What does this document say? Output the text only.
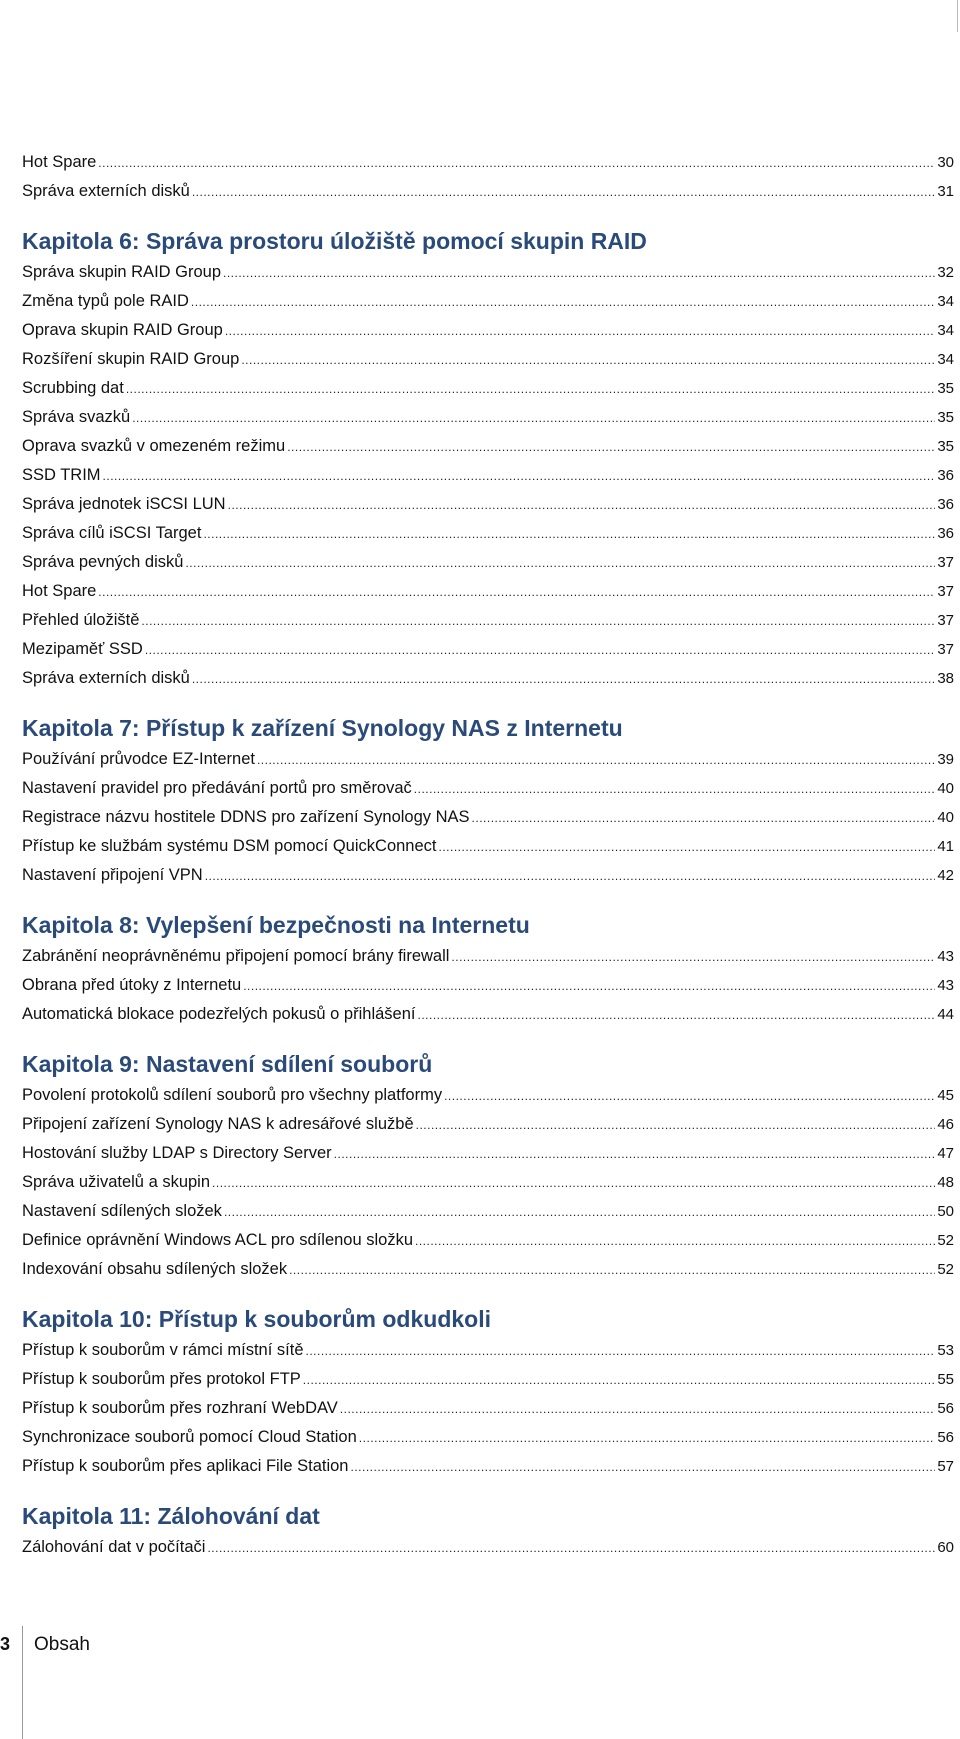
Hot Spare .....	30
Správa externích disků .....	31
Kapitola 6: Správa prostoru úložiště pomocí skupin RAID
Správa skupin RAID Group .....	32
Změna typů pole RAID .....	34
Oprava skupin RAID Group .....	34
Rozšíření skupin RAID Group .....	34
Scrubbing dat .....	35
Správa svazků .....	35
Oprava svazků v omezeném režimu .....	35
SSD TRIM .....	36
Správa jednotek iSCSI LUN .....	36
Správa cílů iSCSI Target .....	36
Správa pevných disků .....	37
Hot Spare .....	37
Přehled úložiště .....	37
Mezipaměť SSD .....	37
Správa externích disků .....	38
Kapitola 7: Přístup k zařízení Synology NAS z Internetu
Používání průvodce EZ-Internet .....	39
Nastavení pravidel pro předávání portů pro směrovač .....	40
Registrace názvu hostitele DDNS pro zařízení Synology NAS .....	40
Přístup ke službám systému DSM pomocí QuickConnect .....	41
Nastavení připojení VPN .....	42
Kapitola 8: Vylepšení bezpečnosti na Internetu
Zabránění neoprávněnému připojení pomocí brány firewall .....	43
Obrana před útoky z Internetu .....	43
Automatická blokace podezřelých pokusů o přihlášení .....	44
Kapitola 9: Nastavení sdílení souborů
Povolení protokolů sdílení souborů pro všechny platformy .....	45
Připojení zařízení Synology NAS k adresářové službě .....	46
Hostování služby LDAP s Directory Server .....	47
Správa uživatelů a skupin .....	48
Nastavení sdílených složek .....	50
Definice oprávnění Windows ACL pro sdílenou složku .....	52
Indexování obsahu sdílených složek .....	52
Kapitola 10: Přístup k souborům odkudkoli
Přístup k souborům v rámci místní sítě .....	53
Přístup k souborům přes protokol FTP .....	55
Přístup k souborům přes rozhraní WebDAV .....	56
Synchronizace souborů pomocí Cloud Station .....	56
Přístup k souborům přes aplikaci File Station .....	57
Kapitola 11: Zálohování dat
Zálohování dat v počítači .....	60
3 Obsah
